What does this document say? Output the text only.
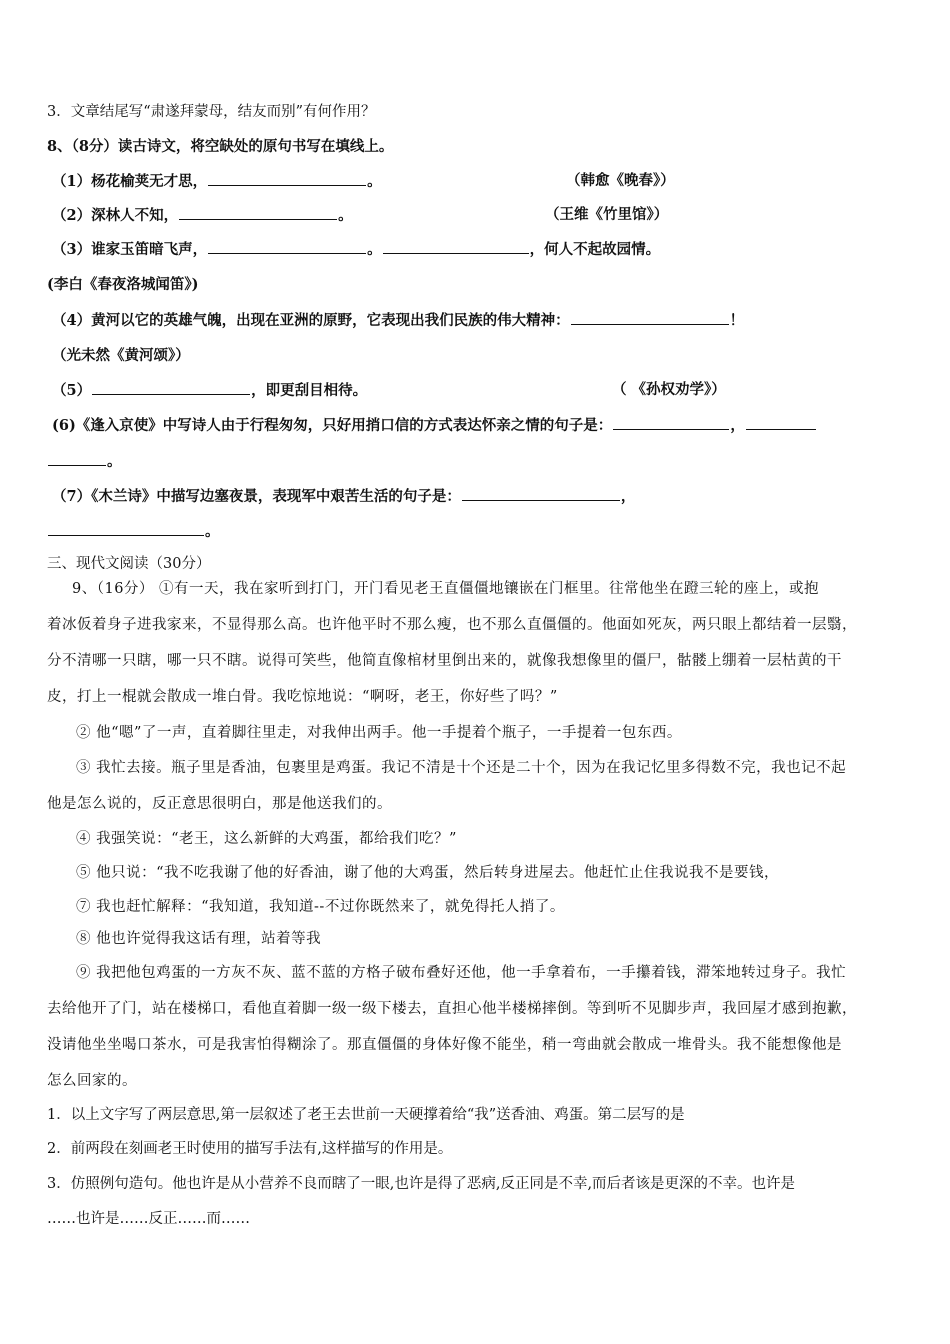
3．文章结尾写“肃遂拜蒙母，结友而别”有何作用？
8、（8分）读古诗文，将空缺处的原句书写在填线上。
（1）杨花榆荚无才思，	。	（韩愈《晚春》）
（2）深林人不知，	。	（王维《竹里馆》）
（3）谁家玉笛暗飞声，	。	，何人不起故园情。
(李白《春夜洛城闻笛》)
（4）黄河以它的英雄气魄，出现在亚洲的原野，它表现出我们民族的伟大精神：	！
（光未然《黄河颂》）
（5）	，即更刮目相待。	（ 《孙权劝学》）
(6)《逢入京使》中写诗人由于行程匆匆，只好用捎口信的方式表达怀亲之情的句子是：	，
。
（7）《木兰诗》中描写边塞夜景，表现军中艰苦生活的句子是：	，
。
三、现代文阅读（30分）
9、（16分） ①有一天，我在家听到打门，开门看见老王直僵僵地镶嵌在门框里。往常他坐在蹬三轮的座上，或抱
着冰仮着身子进我家来，不显得那么高。也许他平时不那么瘦，也不那么直僵僵的。他面如死灰，两只眼上都结着一层翳，
分不清哪一只瞎，哪一只不瞎。说得可笑些，他简直像棺材里倒出来的，就像我想像里的僵尸，骷髅上绷着一层枯黄的干
皮，打上一棍就会散成一堆白骨。我吃惊地说：“啊呀，老王，你好些了吗？”
② 他“嗯”了一声，直着脚往里走，对我伸出两手。他一手提着个瓶子，一手提着一包东西。
③ 我忙去接。瓶子里是香油，包裹里是鸡蛋。我记不清是十个还是二十个，因为在我记忆里多得数不完，我也记不起
他是怎么说的，反正意思很明白，那是他送我们的。
④ 我强笑说：“老王，这么新鲜的大鸡蛋，都给我们吃？”
⑤ 他只说：“我不吃我谢了他的好香油，谢了他的大鸡蛋，然后转身进屋去。他赶忙止住我说我不是要钱，
⑦ 我也赶忙解释：“我知道，我知道--不过你既然来了，就免得托人捎了。
⑧ 他也许觉得我这话有理，站着等我
⑨ 我把他包鸡蛋的一方灰不灰、蓝不蓝的方格子破布叠好还他，他一手拿着布，一手攥着钱，滞笨地转过身子。我忙
去给他开了门，站在楼梯口，看他直着脚一级一级下楼去，直担心他半楼梯摔倒。等到听不见脚步声，我回屋才感到抱歉，
没请他坐坐喝口茶水，可是我害怕得糊涂了。那直僵僵的身体好像不能坐，稍一弯曲就会散成一堆骨头。我不能想像他是
怎么回家的。
1．以上文字写了两层意思,第一层叙述了老王去世前一天硬撑着给“我”送香油、鸡蛋。第二层写的是
2．前两段在刻画老王时使用的描写手法有,这样描写的作用是。
3．仿照例句造句。他也许是从小营养不良而瞎了一眼,也许是得了恶病,反正同是不幸,而后者该是更深的不幸。也许是
……也许是……反正……而……
